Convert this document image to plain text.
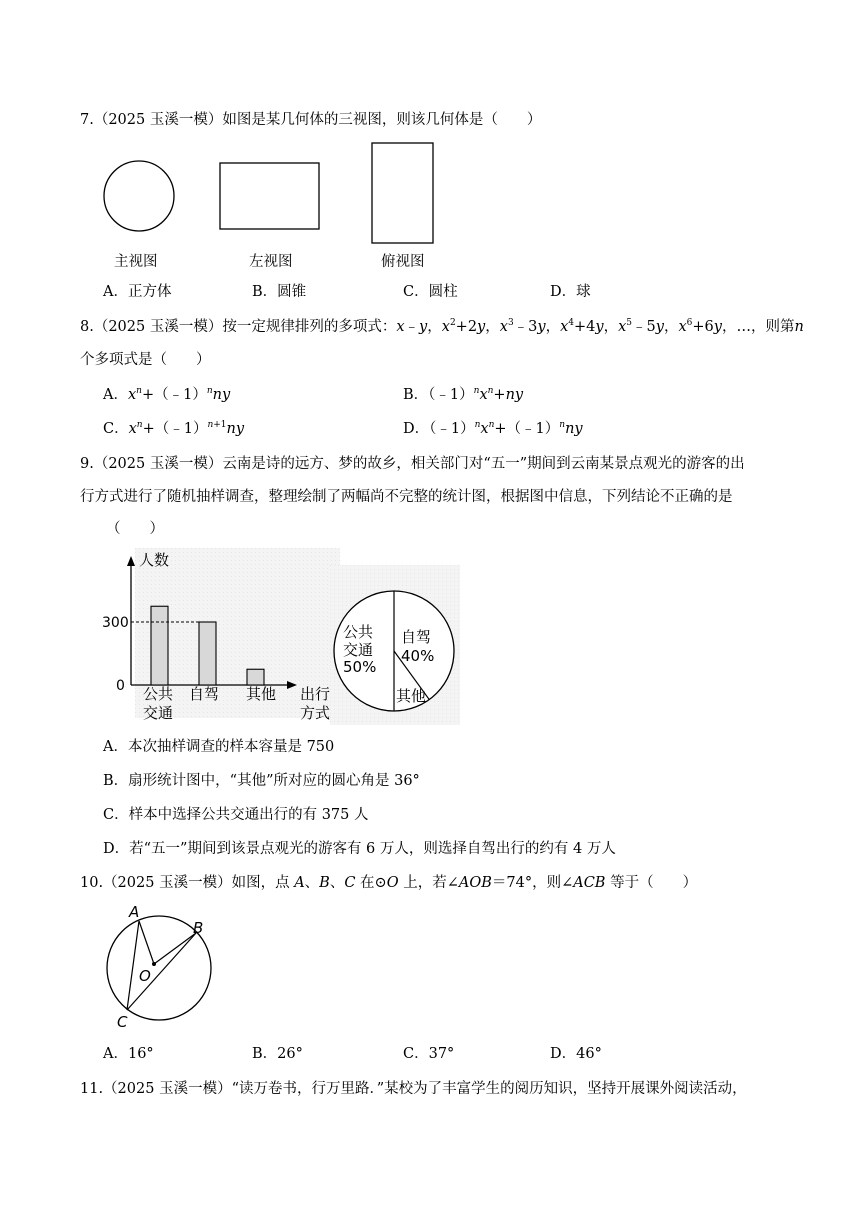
7.（2025 玉溪一模）如图是某几何体的三视图，则该几何体是（　　）
主视图	左视图	俯视图
A．正方体	B．圆锥	C．圆柱	D．球
8.（2025 玉溪一模）按一定规律排列的多项式：x﹣y，$x^2+2y$，$x^3﹣3y$，$x^4+4y$，$x^5﹣5y$，$x^6+6y$，…，则第n
个多项式是（　　）
A．$x^n+(﹣1)^nny$	B．$(﹣1)^nx^n+ny$
C．$x^n+(﹣1)^{n+1}ny$	D．$(﹣1)^nx^n+(﹣1)^nny$
9.（2025 玉溪一模）云南是诗的远方、梦的故乡，相关部门对“五一”期间到云南某景点观光的游客的出
行方式进行了随机抽样调查，整理绘制了两幅尚不完整的统计图，根据图中信息，下列结论不正确的是
（　　）
人数
出行
方式
0
300
公共
交通
自驾 其他
公共
交通
50%
自驾
40%
其他
A．本次抽样调查的样本容量是 750
B．扇形统计图中，“其他”所对应的圆心角是 36°
C．样本中选择公共交通出行的有 375 人
D．若“五一”期间到该景点观光的游客有 6 万人，则选择自驾出行的约有 4 万人
10.（2025 玉溪一模）如图，点 A、B、C 在⊙O 上，若∠AOB＝74°，则∠ACB 等于（　　）
A
B
C
O
A．16°	B．26°	C．37°	D．46°
11.（2025 玉溪一模）“读万卷书，行万里路．”某校为了丰富学生的阅历知识，坚持开展课外阅读活动，
